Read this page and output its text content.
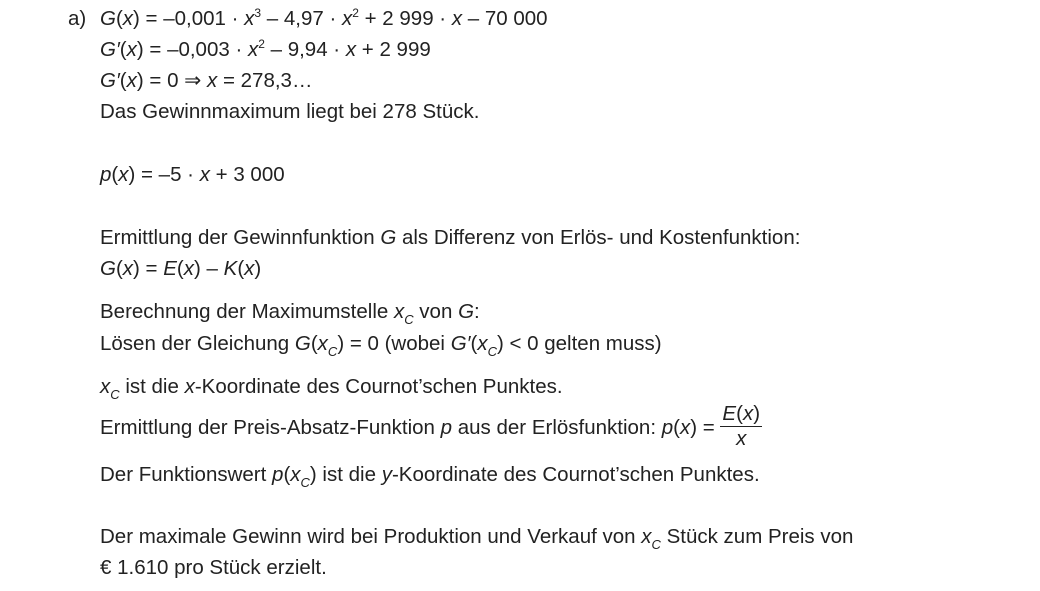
a) $G(x) = -0,001 \cdot x^3 - 4,97 \cdot x^2 + 2$ 999 · x – 70 000
$G'(x) = -0,003 \cdot x^2 - 9,94 \cdot x + 2$ 999
G′(x) = 0 ⇒ x = 278,3…
Das Gewinnmaximum liegt bei 278 Stück.
p(x) = –5 · x + 3 000
Ermittlung der Gewinnfunktion G als Differenz von Erlös- und Kostenfunktion:
G(x) = E(x) – K(x)
Berechnung der Maximumstelle $x_C$ von G:
Lösen der Gleichung $G(x_C) = 0$ (wobei $G'(x_C) < 0$ gelten muss)
$x_C$ ist die x-Koordinate des Cournot’schen Punktes.
Ermittlung der Preis-Absatz-Funktion p aus der Erlösfunktion: $p(x) = \frac{E(x)}{x}$
Der Funktionswert $p(x_C)$ ist die y-Koordinate des Cournot’schen Punktes.
Der maximale Gewinn wird bei Produktion und Verkauf von $x_C$ Stück zum Preis von
€ 1.610 pro Stück erzielt.
